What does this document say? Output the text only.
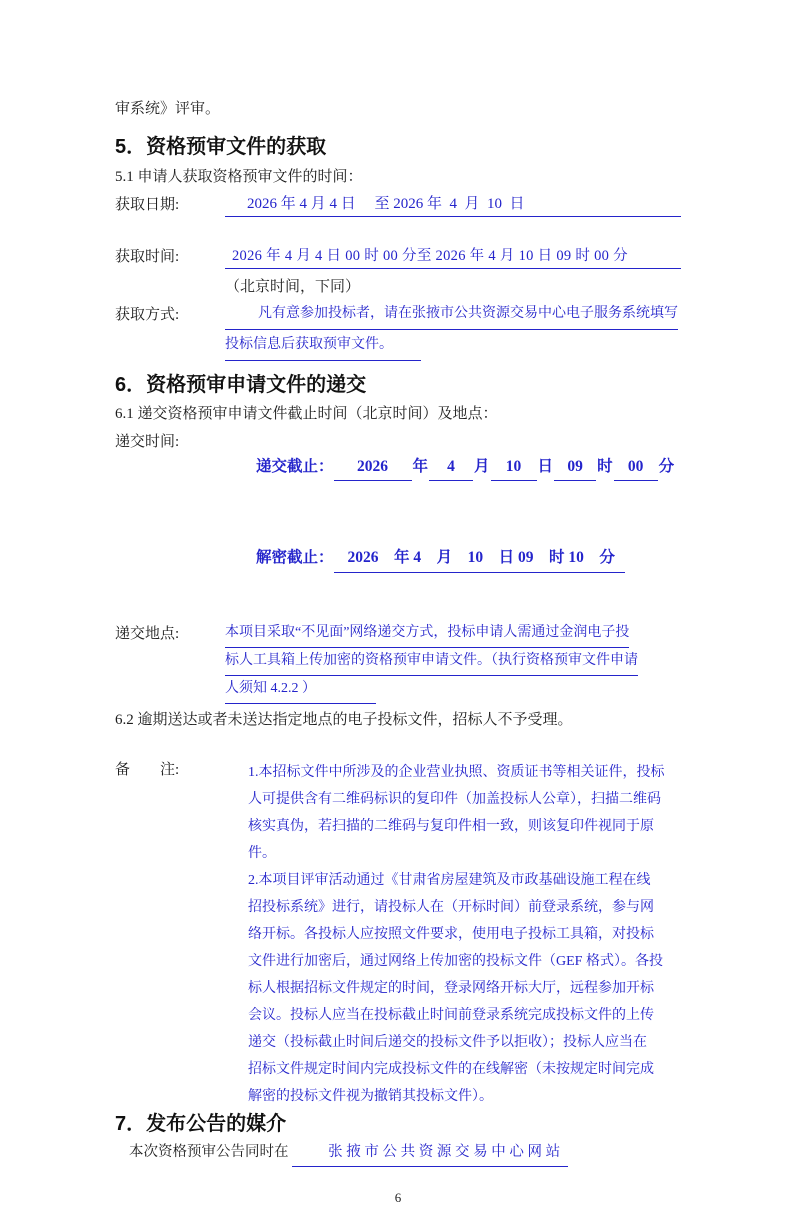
审系统》评审。

5．资格预审文件的获取

5.1 申请人获取资格预审文件的时间：

获取日期:	2026 年 4 月 4 日　 至 2026 年  4  月  10  日
获取时间:	2026 年 4 月 4 日 00 时 00 分至 2026 年 4 月 10 日 09 时 00 分
（北京时间，下同）
获取方式:	凡有意参加投标者，请在张掖市公共资源交易中心电子服务系统填写
投标信息后获取预审文件。
6．资格预审申请文件的递交

6.1 递交资格预审申请文件截止时间（北京时间）及地点：

递交时间:

递交截止： 2026 年 4 月 10 日 09 时 00 分

解密截止： 2026　年 4　月　10　日 09　时 10　分

递交地点:	本项目采取“不见面”网络递交方式，投标申请人需通过金润电子投
标人工具箱上传加密的资格预审申请文件。（执行资格预审文件申请
人须知 4.2.2 ）

6.2 逾期送达或者未送达指定地点的电子投标文件，招标人不予受理。

备　　注:	1.本招标文件中所涉及的企业营业执照、资质证书等相关证件，投标
人可提供含有二维码标识的复印件（加盖投标人公章），扫描二维码
核实真伪，若扫描的二维码与复印件相一致，则该复印件视同于原件。
2.本项目评审活动通过《甘肃省房屋建筑及市政基础设施工程在线
招投标系统》进行，请投标人在（开标时间）前登录系统，参与网
络开标。各投标人应按照文件要求，使用电子投标工具箱，对投标
文件进行加密后，通过网络上传加密的投标文件（GEF 格式）。各投
标人根据招标文件规定的时间，登录网络开标大厅，远程参加开标
会议。投标人应当在投标截止时间前登录系统完成投标文件的上传
递交（投标截止时间后递交的投标文件予以拒收）；投标人应当在
招标文件规定时间内完成投标文件的在线解密（未按规定时间完成
解密的投标文件视为撤销其投标文件）。
7．发布公告的媒介
本次资格预审公告同时在	张 掖 市 公 共 资 源 交 易 中 心 网 站
6
